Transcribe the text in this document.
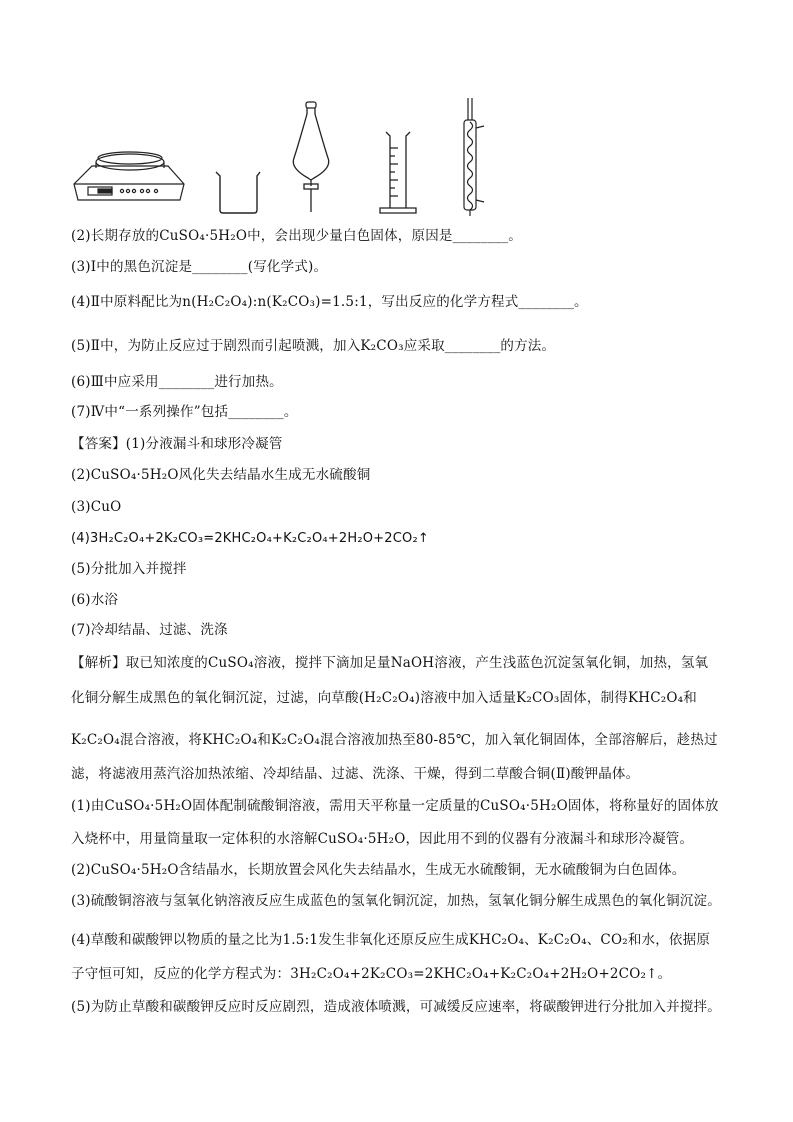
(2)长期存放的CuSO₄·5H₂O中，会出现少量白色固体，原因是________。
(3)Ⅰ中的黑色沉淀是________(写化学式)。
(4)Ⅱ中原料配比为n(H₂C₂O₄):n(K₂CO₃)=1.5:1，写出反应的化学方程式________。
(5)Ⅱ中，为防止反应过于剧烈而引起喷溅，加入K₂CO₃应采取________的方法。
(6)Ⅲ中应采用________进行加热。
(7)Ⅳ中“一系列操作”包括________。
【答案】(1)分液漏斗和球形冷凝管
(2)CuSO₄·5H₂O风化失去结晶水生成无水硫酸铜
(3)CuO
(4)3H₂C₂O₄+2K₂CO₃=2KHC₂O₄+K₂C₂O₄+2H₂O+2CO₂↑
(5)分批加入并搅拌
(6)水浴
(7)冷却结晶、过滤、洗涤
【解析】取已知浓度的CuSO₄溶液，搅拌下滴加足量NaOH溶液，产生浅蓝色沉淀氢氧化铜，加热，氢氧
化铜分解生成黑色的氧化铜沉淀，过滤，向草酸(H₂C₂O₄)溶液中加入适量K₂CO₃固体，制得KHC₂O₄和
K₂C₂O₄混合溶液，将KHC₂O₄和K₂C₂O₄混合溶液加热至80-85℃，加入氧化铜固体，全部溶解后，趁热过
滤，将滤液用蒸汽浴加热浓缩、冷却结晶、过滤、洗涤、干燥，得到二草酸合铜(Ⅱ)酸钾晶体。
(1)由CuSO₄·5H₂O固体配制硫酸铜溶液，需用天平称量一定质量的CuSO₄·5H₂O固体，将称量好的固体放
入烧杯中，用量筒量取一定体积的水溶解CuSO₄·5H₂O，因此用不到的仪器有分液漏斗和球形冷凝管。
(2)CuSO₄·5H₂O含结晶水，长期放置会风化失去结晶水，生成无水硫酸铜，无水硫酸铜为白色固体。
(3)硫酸铜溶液与氢氧化钠溶液反应生成蓝色的氢氧化铜沉淀，加热，氢氧化铜分解生成黑色的氧化铜沉淀。
(4)草酸和碳酸钾以物质的量之比为1.5:1发生非氧化还原反应生成KHC₂O₄、K₂C₂O₄、CO₂和水，依据原
子守恒可知，反应的化学方程式为：3H₂C₂O₄+2K₂CO₃=2KHC₂O₄+K₂C₂O₄+2H₂O+2CO₂↑。
(5)为防止草酸和碳酸钾反应时反应剧烈，造成液体喷溅，可减缓反应速率，将碳酸钾进行分批加入并搅拌。
